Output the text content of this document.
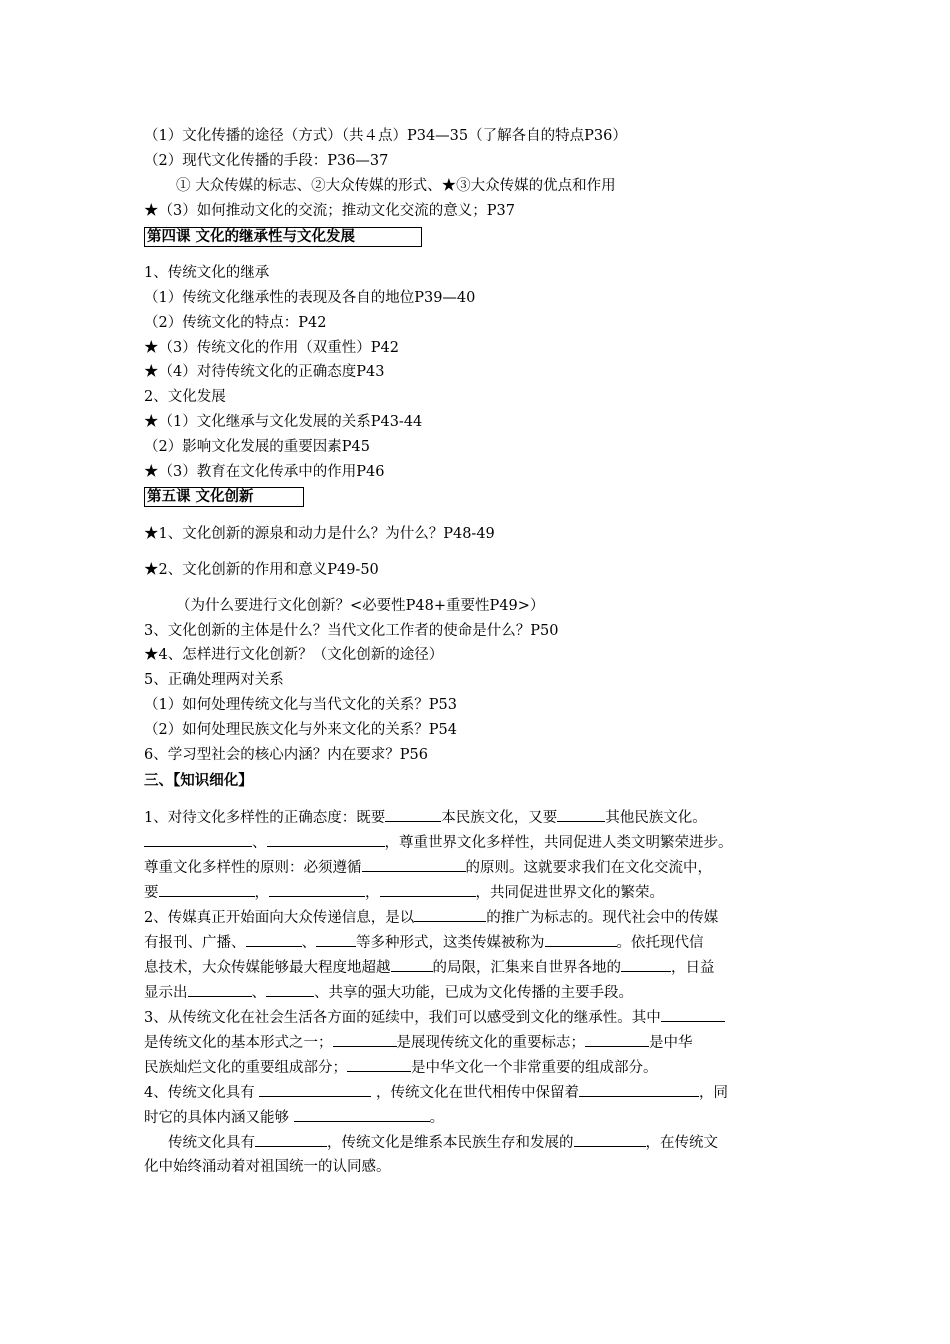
（1）文化传播的途径（方式）（共４点）P34—35（了解各自的特点P36）
（2）现代文化传播的手段：P36—37
① 大众传媒的标志、②大众传媒的形式、★③大众传媒的优点和作用
★（3）如何推动文化的交流；推动文化交流的意义；P37
第四课 文化的继承性与文化发展
1、传统文化的继承
（1）传统文化继承性的表现及各自的地位P39—40
（2）传统文化的特点：P42
★（3）传统文化的作用（双重性）P42
★（4）对待传统文化的正确态度P43
2、文化发展
★（1）文化继承与文化发展的关系P43-44
（2）影响文化发展的重要因素P45
★（3）教育在文化传承中的作用P46
第五课 文化创新
★1、文化创新的源泉和动力是什么？为什么？P48-49
★2、文化创新的作用和意义P49-50
（为什么要进行文化创新？<必要性P48+重要性P49>）
3、文化创新的主体是什么？当代文化工作者的使命是什么？P50
★4、怎样进行文化创新？（文化创新的途径）
5、正确处理两对关系
（1）如何处理传统文化与当代文化的关系？P53
（2）如何处理民族文化与外来文化的关系？P54
6、学习型社会的核心内涵？内在要求？P56
三、【知识细化】
1、对待文化多样性的正确态度：既要	本民族文化，又要	其他民族文化。
、	，尊重世界文化多样性，共同促进人类文明繁荣进步。
尊重文化多样性的原则：必须遵循	的原则。这就要求我们在文化交流中，
要	，	，	，共同促进世界文化的繁荣。
2、传媒真正开始面向大众传递信息，是以	的推广为标志的。现代社会中的传媒
有报刊、广播、	、	等多种形式，这类传媒被称为	。依托现代信
息技术，大众传媒能够最大程度地超越	的局限，汇集来自世界各地的	，日益
显示出	、	、共享的强大功能，已成为文化传播的主要手段。
3、从传统文化在社会生活各方面的延续中，我们可以感受到文化的继承性。其中
是传统文化的基本形式之一；	是展现传统文化的重要标志；	是中华
民族灿烂文化的重要组成部分；	是中华文化一个非常重要的组成部分。
4、传统文化具有	，传统文化在世代相传中保留着	，同
时它的具体内涵又能够	。
传统文化具有	，传统文化是维系本民族生存和发展的	，在传统文
化中始终涌动着对祖国统一的认同感。
